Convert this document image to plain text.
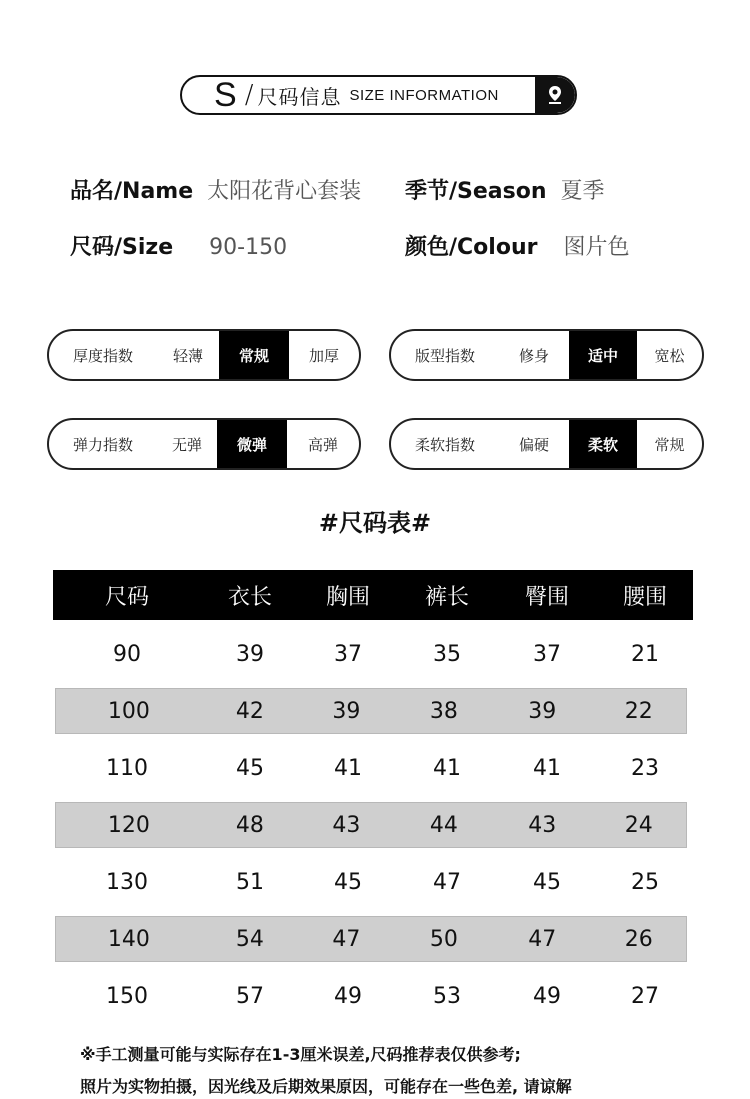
S / 尺码信息 SIZE INFORMATION
品名/Name 太阳花背心套装 季节/Season 夏季
尺码/Size 90-150	颜色/Colour 图片色
厚度指数	轻薄	常规	加厚	版型指数	修身	适中	宽松
弹力指数	无弹	微弹	高弹	柔软指数	偏硬	柔软	常规
#尺码表#
尺码	衣长	胸围	裤长	臀围	腰围
90	39	37	35	37	21
100	42	39	38	39	22
110	45	41	41	41	23
120	48	43	44	43	24
130	51	45	47	45	25
140	54	47	50	47	26
150	57	49	53	49	27
※手工测量可能与实际存在1-3厘米误差,尺码推荐表仅供参考;
照片为实物拍摄，因光线及后期效果原因，可能存在一些色差, 请谅解
